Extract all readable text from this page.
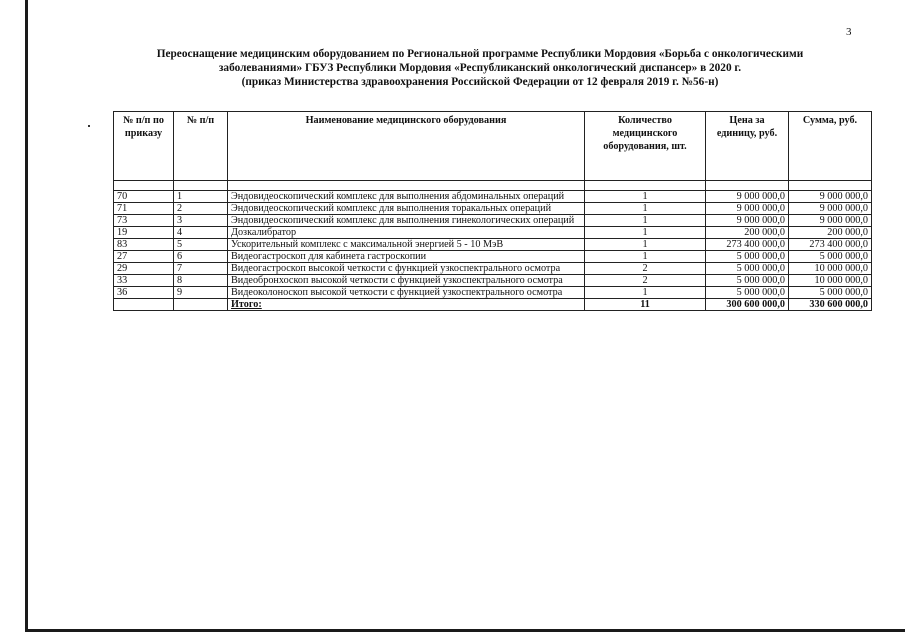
3
Переоснащение медицинским оборудованием по Региональной программе Республики Мордовия «Борьба с онкологическими
заболеваниями» ГБУЗ Республики Мордовия «Республиканский онкологический диспансер» в 2020 г.
(приказ Министерства здравоохранения Российской Федерации от 12 февраля 2019 г. №56-н)
№ п/п по приказу	№ п/п	Наименование медицинского оборудования	Количество медицинского оборудования, шт.	Цена за единицу, руб.	Сумма, руб.

70	1	Эндовидеоскопический комплекс для выполнения абдоминальных операций	1	9 000 000,0	9 000 000,0
71	2	Эндовидеоскопический комплекс для выполнения торакальных операций	1	9 000 000,0	9 000 000,0
73	3	Эндовидеоскопический комплекс для выполнения гинекологических операций	1	9 000 000,0	9 000 000,0
19	4	Дозкалибратор	1	200 000,0	200 000,0
83	5	Ускорительный комплекс с максимальной энергией 5 - 10 МэВ	1	273 400 000,0	273 400 000,0
27	6	Видеогастроскоп для кабинета гастроскопии	1	5 000 000,0	5 000 000,0
29	7	Видеогастроскоп высокой четкости с функцией узкоспектрального осмотра	2	5 000 000,0	10 000 000,0
33	8	Видеобронхоскоп высокой четкости с функцией узкоспектрального осмотра	2	5 000 000,0	10 000 000,0
36	9	Видеоколоноскоп высокой четкости с функцией узкоспектрального осмотра	1	5 000 000,0	5 000 000,0
		Итого:	11	300 600 000,0	330 600 000,0
